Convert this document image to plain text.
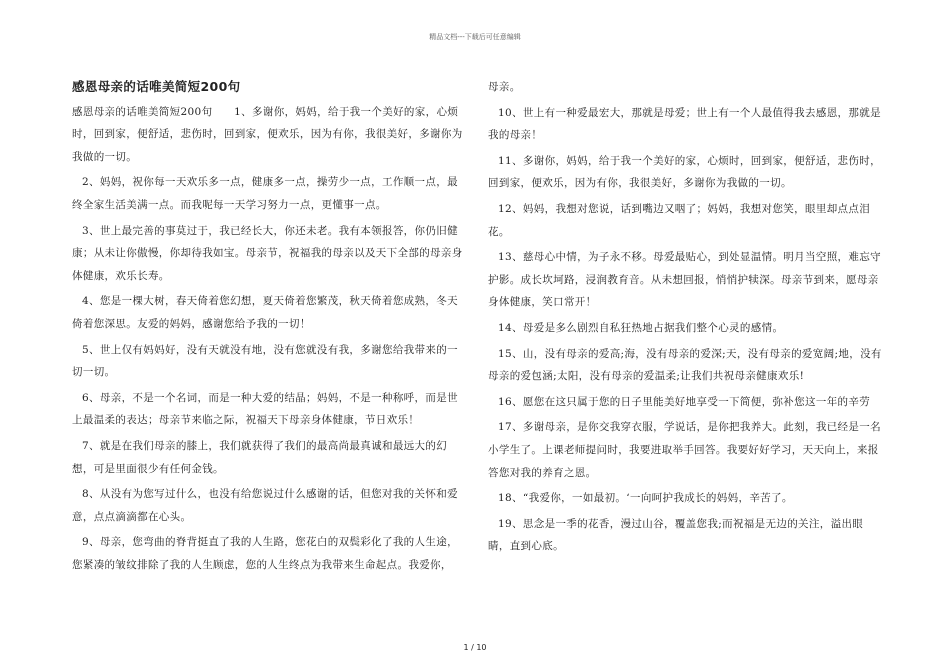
精品文档---下载后可任意编辑

感恩母亲的话唯美简短200句

感恩母亲的话唯美简短200句　　1、多谢你，妈妈，给于我一个美好的家，心烦时，回到家，便舒适，悲伤时，回到家，便欢乐，因为有你，我很美好，多谢你为我做的一切。

2、妈妈，祝你每一天欢乐多一点，健康多一点，操劳少一点，工作顺一点，最终全家生活美满一点。而我呢每一天学习努力一点，更懂事一点。

3、世上最完善的事莫过于，我已经长大，你还未老。我有本领报答，你仍旧健康；从未让你傲慢，你却待我如宝。母亲节，祝福我的母亲以及天下全部的母亲身体健康，欢乐长寿。

4、您是一棵大树，春天倚着您幻想，夏天倚着您繁茂，秋天倚着您成熟，冬天倚着您深思。友爱的妈妈，感谢您给予我的一切！

5、世上仅有妈妈好，没有天就没有地，没有您就没有我，多谢您给我带来的一切一切。

6、母亲，不是一个名词，而是一种大爱的结晶；妈妈，不是一种称呼，而是世上最温柔的表达；母亲节来临之际，祝福天下母亲身体健康，节日欢乐！

7、就是在我们母亲的膝上，我们就获得了我们的最高尚最真诚和最远大的幻想，可是里面很少有任何金钱。

8、从没有为您写过什么，也没有给您说过什么感谢的话，但您对我的关怀和爱意，点点滴滴都在心头。

9、母亲，您弯曲的脊背挺直了我的人生路，您花白的双鬓彩化了我的人生途，您紧凑的皱纹排除了我的人生顾虑，您的人生终点为我带来生命起点。我爱你，

母亲。

10、世上有一种爱最宏大，那就是母爱；世上有一个人最值得我去感恩，那就是我的母亲！

11、多谢你，妈妈，给于我一个美好的家，心烦时，回到家，便舒适，悲伤时，回到家，便欢乐，因为有你，我很美好，多谢你为我做的一切。

12、妈妈，我想对您说，话到嘴边又咽了；妈妈，我想对您笑，眼里却点点泪花。

13、慈母心中情，为子永不移。母爱最贴心，到处显温情。明月当空照，难忘守护影。成长坎坷路，浸润教育音。从未想回报，悄悄护犊深。母亲节到来，愿母亲身体健康，笑口常开！

14、母爱是多么剧烈自私狂热地占据我们整个心灵的感情。

15、山，没有母亲的爱高;海，没有母亲的爱深;天，没有母亲的爱宽阔;地，没有母亲的爱包涵;太阳，没有母亲的爱温柔;让我们共祝母亲健康欢乐!

16、愿您在这只属于您的日子里能美好地享受一下简便，弥补您这一年的辛劳

17、多谢母亲，是你交我穿衣服，学说话，是你把我养大。此刻，我已经是一名小学生了。上课老师提问时，我要进取举手回答。我要好好学习，天天向上，来报答您对我的养育之恩。

18、“我爱你，一如最初。‘一向呵护我成长的妈妈，辛苦了。

19、思念是一季的花香，漫过山谷，覆盖您我;而祝福是无边的关注，溢出眼睛，直到心底。

1 / 10
